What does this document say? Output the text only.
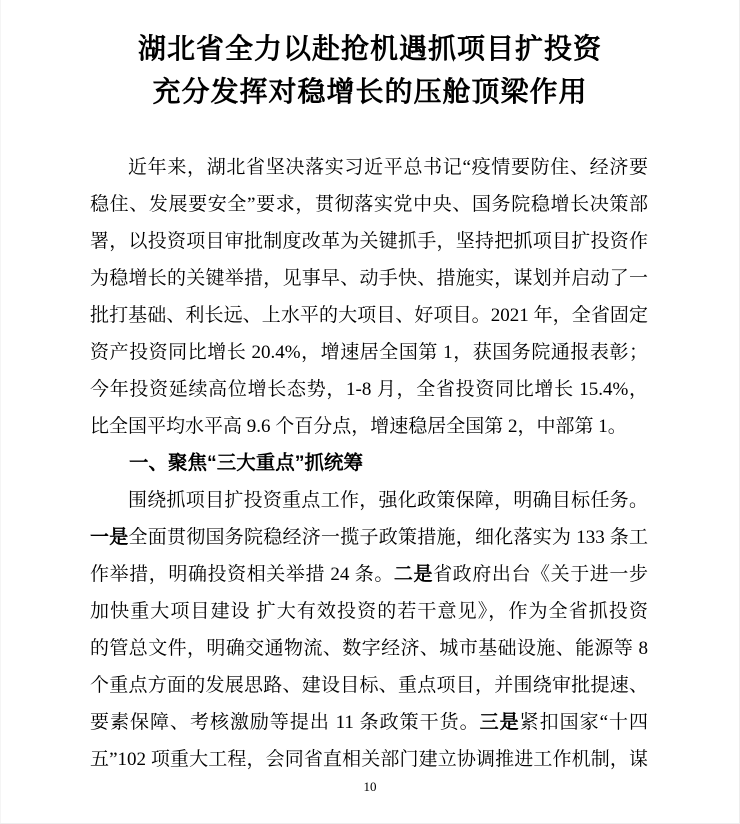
湖北省全力以赴抢机遇抓项目扩投资
充分发挥对稳增长的压舱顶梁作用
近年来，湖北省坚决落实习近平总书记“疫情要防住、经济要
稳住、发展要安全”要求，贯彻落实党中央、国务院稳增长决策部
署，以投资项目审批制度改革为关键抓手，坚持把抓项目扩投资作
为稳增长的关键举措，见事早、动手快、措施实，谋划并启动了一
批打基础、利长远、上水平的大项目、好项目。2021 年，全省固定
资产投资同比增长 20.4%，增速居全国第 1，获国务院通报表彰；
今年投资延续高位增长态势，1-8 月，全省投资同比增长 15.4%，
比全国平均水平高 9.6 个百分点，增速稳居全国第 2，中部第 1。
一、聚焦“三大重点”抓统筹
围绕抓项目扩投资重点工作，强化政策保障，明确目标任务。
一是全面贯彻国务院稳经济一揽子政策措施，细化落实为 133 条工
作举措，明确投资相关举措 24 条。二是省政府出台《关于进一步
加快重大项目建设 扩大有效投资的若干意见》，作为全省抓投资
的管总文件，明确交通物流、数字经济、城市基础设施、能源等 8
个重点方面的发展思路、建设目标、重点项目，并围绕审批提速、
要素保障、考核激励等提出 11 条政策干货。三是紧扣国家“十四
五”102 项重大工程，会同省直相关部门建立协调推进工作机制，谋
10
